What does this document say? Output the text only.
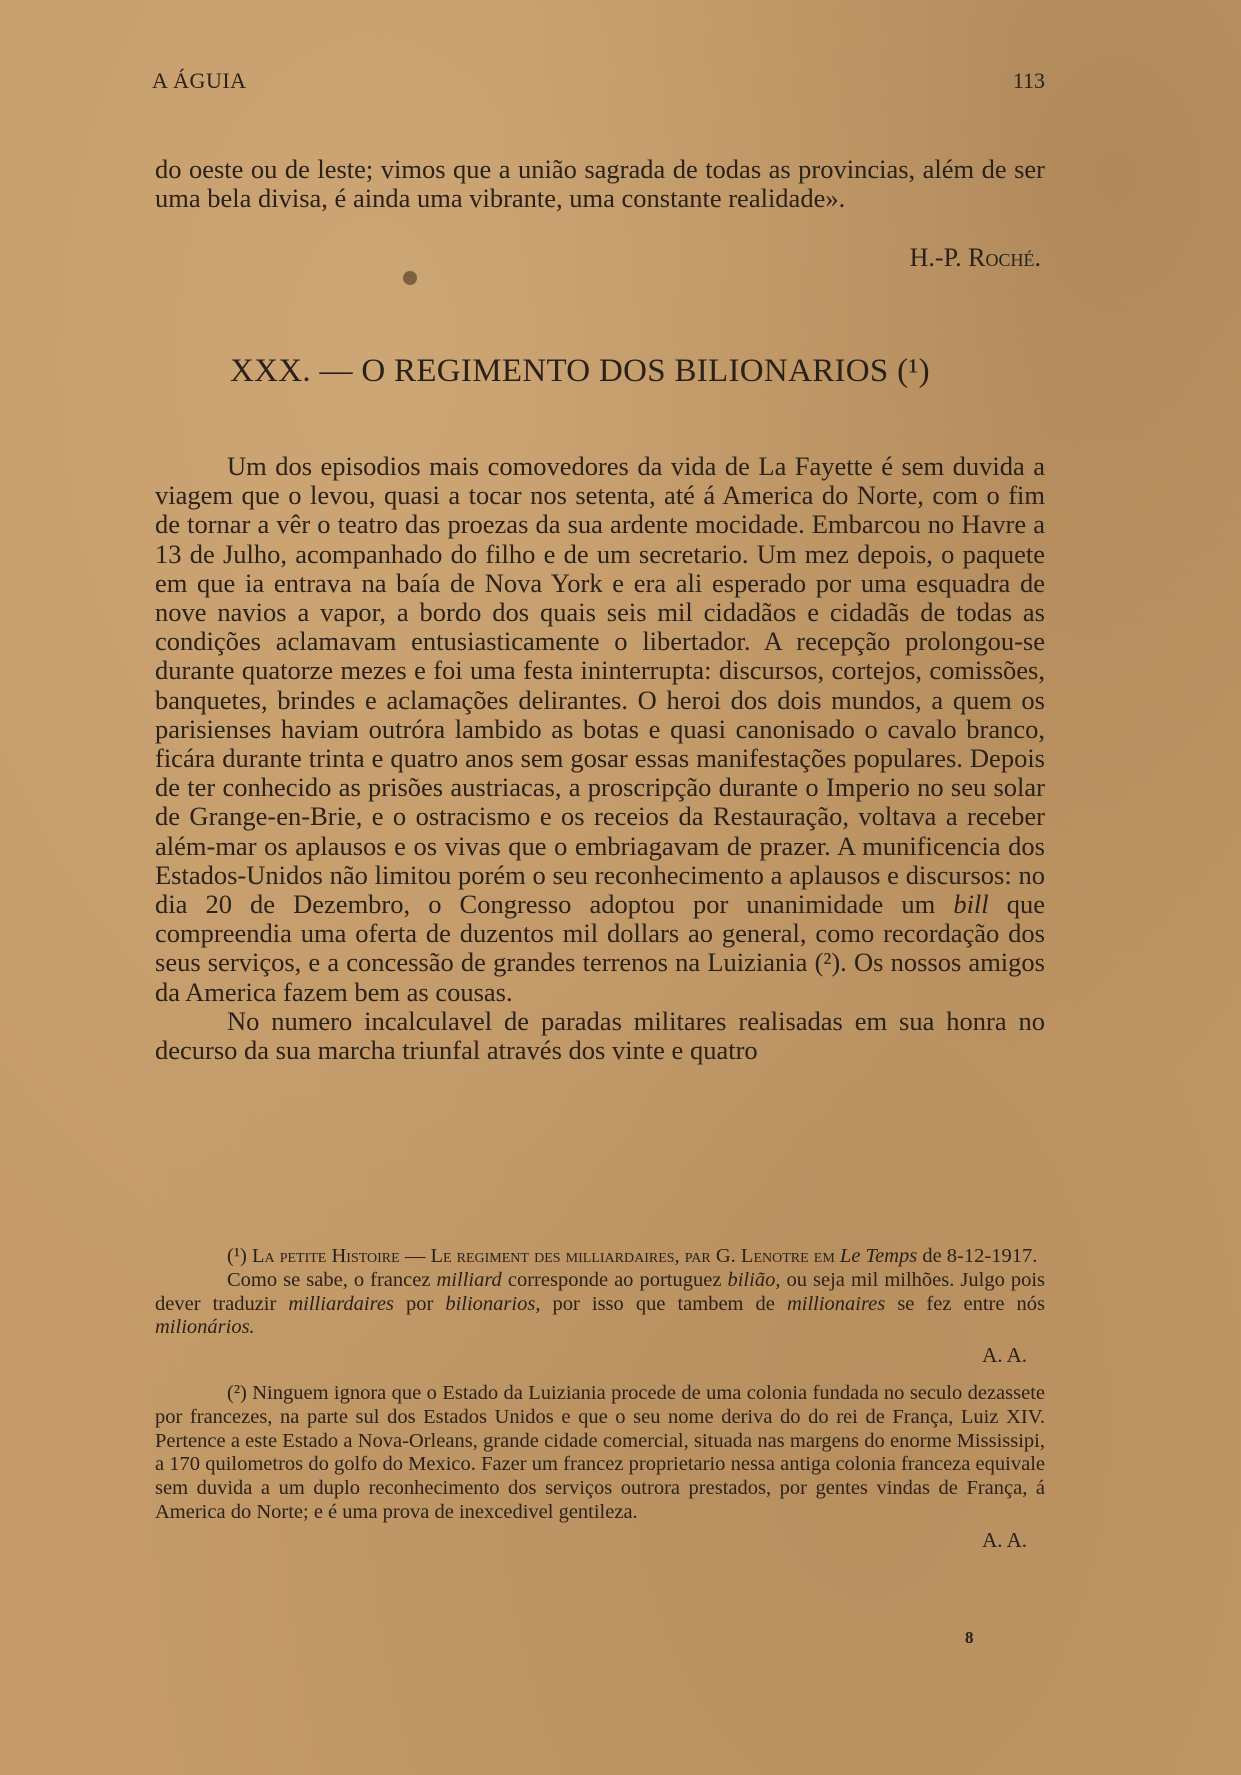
A ÁGUIA	113

do oeste ou de leste; vimos que a união sagrada de todas as provincias, além de ser uma bela divisa, é ainda uma vibrante, uma constante realidade».

H.-P. Roché.
XXX. — O REGIMENTO DOS BILIONARIOS (¹)

Um dos episodios mais comovedores da vida de La Fayette é sem duvida a viagem que o levou, quasi a tocar nos setenta, até á America do Norte, com o fim de tornar a vêr o teatro das proezas da sua ardente mocidade. Embarcou no Havre a 13 de Julho, acompanhado do filho e de um secretario. Um mez depois, o paquete em que ia entrava na baía de Nova York e era ali esperado por uma esquadra de nove navios a vapor, a bordo dos quais seis mil cidadãos e cidadãs de todas as condições aclamavam entusiasticamente o libertador. A recepção prolongou-se durante quatorze mezes e foi uma festa ininterrupta: discursos, cortejos, comissões, banquetes, brindes e aclamações delirantes. O heroi dos dois mundos, a quem os parisienses haviam outróra lambido as botas e quasi canonisado o cavalo branco, ficára durante trinta e quatro anos sem gosar essas manifestações populares. Depois de ter conhecido as prisões austriacas, a proscripção durante o Imperio no seu solar de Grange-en-Brie, e o ostracismo e os receios da Restauração, voltava a receber além-mar os aplausos e os vivas que o embriagavam de prazer. A munificencia dos Estados-Unidos não limitou porém o seu reconhecimento a aplausos e discursos: no dia 20 de Dezembro, o Congresso adoptou por unanimidade um bill que compreendia uma oferta de duzentos mil dollars ao general, como recordação dos seus serviços, e a concessão de grandes terrenos na Luiziania (²). Os nossos amigos da America fazem bem as cousas.

No numero incalculavel de paradas militares realisadas em sua honra no decurso da sua marcha triunfal através dos vinte e quatro

(¹) La petite Histoire — Le regiment des milliardaires, par G. Lenotre em Le Temps de 8-12-1917.

Como se sabe, o francez milliard corresponde ao portuguez bilião, ou seja mil milhões. Julgo pois dever traduzir milliardaires por bilionarios, por isso que tambem de millionaires se fez entre nós milionários.

A. A.

(²) Ninguem ignora que o Estado da Luiziania procede de uma colonia fundada no seculo dezassete por francezes, na parte sul dos Estados Unidos e que o seu nome deriva do do rei de França, Luiz XIV. Pertence a este Estado a Nova-Orleans, grande cidade comercial, situada nas margens do enorme Mississipi, a 170 quilometros do golfo do Mexico. Fazer um francez proprietario nessa antiga colonia franceza equivale sem duvida a um duplo reconhecimento dos serviços outrora prestados, por gentes vindas de França, á America do Norte; e é uma prova de inexcedivel gentileza.

A. A.

8
